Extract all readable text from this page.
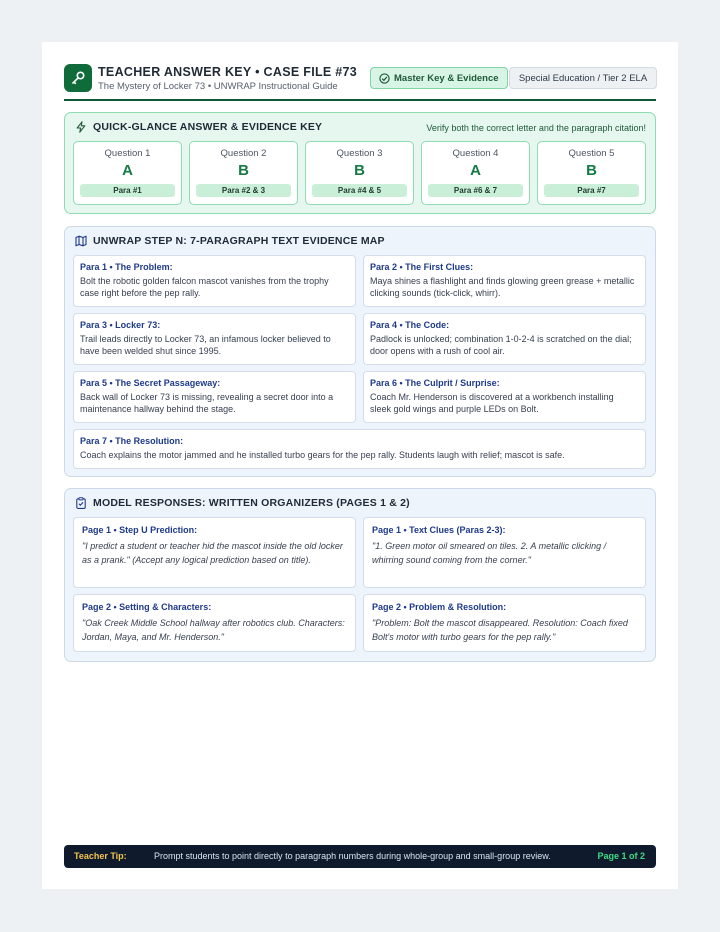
TEACHER ANSWER KEY • CASE FILE #73
The Mystery of Locker 73 • UNWRAP Instructional Guide
Master Key & Evidence	Special Education / Tier 2 ELA
QUICK-GLANCE ANSWER & EVIDENCE KEY	Verify both the correct letter and the paragraph citation!
Question 1
A
Para #1
Question 2
B
Para #2 & 3
Question 3
B
Para #4 & 5
Question 4
A
Para #6 & 7
Question 5
B
Para #7
UNWRAP STEP N: 7-PARAGRAPH TEXT EVIDENCE MAP
Para 1 • The Problem:
Bolt the robotic golden falcon mascot vanishes from the trophy case right before the pep rally.
Para 2 • The First Clues:
Maya shines a flashlight and finds glowing green grease + metallic clicking sounds (tick-click, whirr).
Para 3 • Locker 73:
Trail leads directly to Locker 73, an infamous locker believed to have been welded shut since 1995.
Para 4 • The Code:
Padlock is unlocked; combination 1-0-2-4 is scratched on the dial; door opens with a rush of cool air.
Para 5 • The Secret Passageway:
Back wall of Locker 73 is missing, revealing a secret door into a maintenance hallway behind the stage.
Para 6 • The Culprit / Surprise:
Coach Mr. Henderson is discovered at a workbench installing sleek gold wings and purple LEDs on Bolt.
Para 7 • The Resolution:
Coach explains the motor jammed and he installed turbo gears for the pep rally. Students laugh with relief; mascot is safe.
MODEL RESPONSES: WRITTEN ORGANIZERS (PAGES 1 & 2)
Page 1 • Step U Prediction:
"I predict a student or teacher hid the mascot inside the old locker as a prank." (Accept any logical prediction based on title).
Page 1 • Text Clues (Paras 2-3):
"1. Green motor oil smeared on tiles. 2. A metallic clicking / whirring sound coming from the corner."
Page 2 • Setting & Characters:
"Oak Creek Middle School hallway after robotics club. Characters: Jordan, Maya, and Mr. Henderson."
Page 2 • Problem & Resolution:
"Problem: Bolt the mascot disappeared. Resolution: Coach fixed Bolt's motor with turbo gears for the pep rally."
Teacher Tip:	Prompt students to point directly to paragraph numbers during whole-group and small-group review.	Page 1 of 2
